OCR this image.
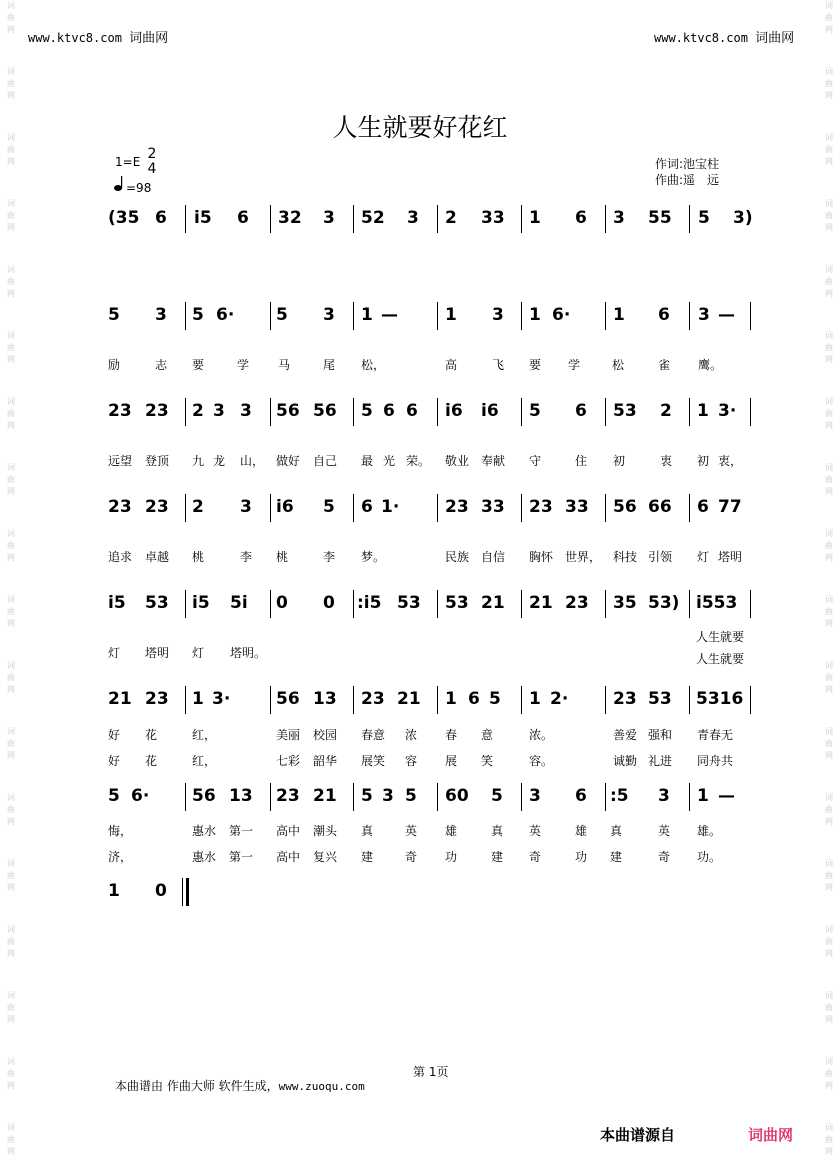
词
曲
网
词
曲
网
词
曲
网
词
曲
网
词
曲
网
词
曲
网
词
曲
网
词
曲
网
词
曲
网
词
曲
网
词
曲
网
词
曲
网
词
曲
网
词
曲
网
词
曲
网
词
曲
网
词
曲
网
词
曲
网
词
曲
网
词
曲
网
词
曲
网
词
曲
网
词
曲
网
词
曲
网
词
曲
网
词
曲
网
词
曲
网
词
曲
网
词
曲
网
词
曲
网
词
曲
网
词
曲
网
词
曲
网
词
曲
网
词
曲
网
词
曲
网
www.ktvc8.com 词曲网	www.ktvc8.com 词曲网
人生就要好花红
1=E 2
4
=98
作词:池宝柱
作曲:遥　远
(35 6 i5 6 32 3 52 3 2 33 1 6 3 55 5 3)
5 3 5 6· 5 3 1 —	1 3 1 6·	1 6 3 —
励	志 要	学 马	尾 松，	高	飞 要 学	松	雀 鹰。
23 23 2 3 3 56 56 5 6 6 i6 i6 5 6 53 2 1 3·
远望 登顶 九 龙 山， 做好 自己 最 光 荣。 敬业 奉献 守	住 初	衷 初 衷，
23 23 2 3 i6 5 6 1·	23 33 23 33 56 66 6 77
追求 卓越 桃	李 桃	李 梦。	民族 自信 胸怀 世界， 科技 引领 灯 塔明
i5 53 i5 5i 0 0 :i5 53 53 21 21 23 35 53) i553
灯 塔明 灯 塔明。
人生就要
人生就要
21 23 1 3·	56 13 23 21 1 6 5 1 2·	23 53 5316
好 花	红，	美丽 校园 春意 浓 春 意	浓。	善爱 强和 青春无
好 花	红，	七彩 韶华 展笑 容 展 笑	容。	诚勤 礼进 同舟共
5 6·	56 13 23 21 5 3 5 60 5 3 6 :5 3 1 —
悔，	惠水 第一 高中 潮头 真	英 雄	真 英	雄 真	英 雄。
济，	惠水 第一 高中 复兴 建	奇 功	建 奇	功 建	奇 功。
1 0
第 1页
本曲谱由 作曲大师 软件生成，www.zuoqu.com
本曲谱源自	词曲网
